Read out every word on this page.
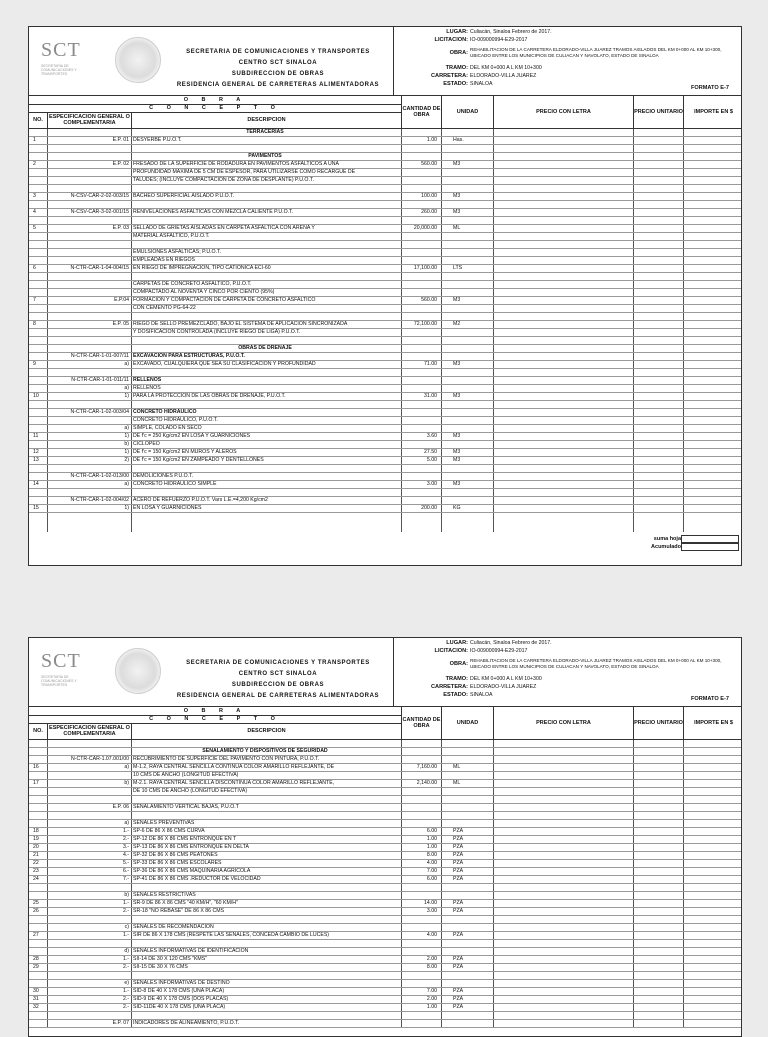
SCT
SECRETARÍA DE COMUNICACIONES Y TRANSPORTES
SECRETARIA DE COMUNICACIONES Y TRANSPORTES
CENTRO SCT SINALOA
SUBDIRECCION DE OBRAS
RESIDENCIA GENERAL DE CARRETERAS ALIMENTADORAS
LUGAR: Culiacán, Sinaloa Febrero de 2017.
LICITACION: IO-009000994-E29-2017
OBRA:
REHABILITACION DE LA CARRETERA ELDORADO-VILLA JUAREZ TRAMOS AISLADOS DEL KM 0+000 AL KM 10+300, UBICADO ENTRE LOS MUNICIPIOS DE CULIACAN Y NAVOLATO, ESTADO DE SINALOA
TRAMO: DEL KM 0+000 A L KM 10+300
CARRETERA: ELDORADO-VILLA JUAREZ
ESTADO: SINALOA
FORMATO E-7
O B R A
C O N C E P T O
NO.	ESPECIFICACION GENERAL O COMPLEMENTARIA	DESCRIPCION
CANTIDAD DE OBRA	UNIDAD	PRECIO CON LETRA	PRECIO UNITARIO	IMPORTE EN $
TERRACERIAS
1	E.P. 01 DESYERBE P.U.O.T.	1.00	Has.
PAVIMENTOS
2	E.P. 02 FRESADO DE LA SUPERFICIE DE RODADURA EN PAVIMENTOS ASFALTICOS A UNA	560.00	M3
PROFUNDIDAD MAXIMA DE 5 CM DE ESPESOR, PARA UTILIZARSE COMO RECARGUE DE
TALUDES; (INCLUYE COMPACTACION DE ZONA DE DESPLANTE) P.U.O.T.
3	N-CSV-CAR-2-02-003/15 BACHEO SUPERFICIAL AISLADO P.U.O.T.	100.00	M3
4	N-CSV-CAR-3-02-001/15 RENIVELACIONES ASFALTICAS CON MEZCLA CALIENTE P.U.O.T.	260.00	M3
5	E.P. 03 SELLADO DE GRIETAS AISLADAS EN CARPETA ASFALTICA CON ARENA Y	20,000.00	ML
MATERIAL ASFALTICO, P.U.O.T.
EMULSIONES ASFALTICAS; P.U.O.T.
EMPLEADAS EN RIEGOS
6	N-CTR-CAR-1-04-004/15 EN RIEGO DE IMPREGNACION, TIPO CATIONICA ECI-60	17,100.00	LTS
CARPETAS DE CONCRETO ASFALTICO, P.U.O.T.
COMPACTADO AL NOVENTA Y CINCO POR CIENTO (95%)
7	E.P.04 FORMACION Y COMPACTACION DE CARPETA DE CONCRETO ASFALTICO	560.00	M3
CON CEMENTO PG-64-22
8	E.P. 05 RIEGO DE SELLO PREMEZCLADO, BAJO EL SISTEMA DE APLICACIÓN SINCRONIZADA	72,100.00	M2
Y DOSIFICACION CONTROLADA (INCLUYE RIEGO DE LIGA) P.U.O.T.
OBRAS DE DRENAJE
N-CTR-CAR-1-01-007/11 EXCAVACION PARA ESTRUCTURAS, P.U.O.T.
9	a) EXCAVADO, CUALQUIERA QUE SEA SU CLASIFICACION Y PROFUNDIDAD	71.00	M3
N-CTR-CAR-1-01-011/11 RELLENOS
a) RELLENOS
10	1) PARA LA PROTECCION DE LAS OBRAS DE DRENAJE, P.U.O.T.	31.00	M3
N-CTR-CAR-1-02-003/04 CONCRETO HIDRAULICO
CONCRETO HIDRAULICO, P.U.O.T.
a) SIMPLE, COLADO EN SECO
11	1) DE f'c = 250 Kg/cm2 EN LOSA Y GUARNICIONES	3.60	M3
b) CICLOPEO
12	1) DE f'c = 150 Kg/cm2 EN MUROS Y ALEROS	27.50	M3
13	2) DE f'c = 150 Kg/cm2 EN ZAMPEADO Y DENTELLONES	5.00	M3
N-CTR-CAR-1-02-013/00 DEMOLICIONES P.U.O.T.
14	a) CONCRETO HIDRAULICO SIMPLE	3.00	M3
N-CTR-CAR-1-02-004/02 ACERO DE REFUERZO P.U.O.T. Vars L.E.=4,200 Kg/cm2
15	1) EN LOSA Y GUARNICIONES	200.00	KG
suma hoja
Acumulado
SCT
SECRETARÍA DE COMUNICACIONES Y TRANSPORTES
SECRETARIA DE COMUNICACIONES Y TRANSPORTES
CENTRO SCT SINALOA
SUBDIRECCION DE OBRAS
RESIDENCIA GENERAL DE CARRETERAS ALIMENTADORAS
LUGAR: Culiacán, Sinaloa Febrero de 2017.
LICITACION: IO-009000994-E29-2017
OBRA:
REHABILITACION DE LA CARRETERA ELDORADO-VILLA JUAREZ TRAMOS AISLADOS DEL KM 0+000 AL KM 10+300, UBICADO ENTRE LOS MUNICIPIOS DE CULIACAN Y NAVOLATO, ESTADO DE SINALOA
TRAMO: DEL KM 0+000 A L KM 10+300
CARRETERA: ELDORADO-VILLA JUAREZ
ESTADO: SINALOA
FORMATO E-7
O B R A
C O N C E P T O
NO.	ESPECIFICACION GENERAL O COMPLEMENTARIA	DESCRIPCION
CANTIDAD DE OBRA	UNIDAD	PRECIO CON LETRA	PRECIO UNITARIO	IMPORTE EN $
SEÑALAMIENTO Y DISPOSITIVOS DE SEGURIDAD
N-CTR-CAR-1.07.001/00 RECUBRIMIENTO DE SUPERFICIE DEL PAVIMENTO CON PINTURA, P.U.O.T.
16	a) M-1.2, RAYA CENTRAL SENCILLA CONTINUA COLOR AMARILLO REFLEJANTE, DE	7,160.00	ML
10 CMS DE ANCHO (LONGITUD EFECTIVA)
17	b) M-2.1. RAYA CENTRAL SENCILLA DISCONTINUA COLOR AMARILLO REFLEJANTE,	2,140.00	ML
DE 10 CMS DE ANCHO (LONGITUD EFECTIVA)
E.P. 06 SEÑALAMIENTO VERTICAL BAJAS, P.U.O.T
a) SEÑALES PREVENTIVAS
18	1.- SP-6 DE 86 X 86 CMS CURVA	6.00	PZA
19	2.- SP-12 DE 86 X 86 CMS ENTRONQUE EN T	1.00	PZA
20	3.- SP-13 DE 86 X 86 CMS ENTRONQUE EN DELTA	1.00	PZA
21	4.- SP-32 DE 86 X 86 CMS PEATONES	8.00	PZA
22	5.- SP-33 DE 86 X 86 CMS ESCOLARES	4.00	PZA
23	6.- SP-36 DE 86 X 86 CMS MAQUINARIA AGRICOLA	7.00	PZA
24	7.- SP-41 DE 86 X 86 CMS .REDUCTOR DE VELOCIDAD	6.00	PZA
b) SEÑALES RESTRICTIVAS
25	1.- SR-9 DE 86 X 86 CMS "40 KM/H", "60 KM/H"	14.00	PZA
26	2.- SR-18 "NO REBASE" DE 86 X 86 CMS	3.00	PZA
c) SEÑALES DE RECOMENDACIÓN
27	1.- SIR DE 86 X 178 CMS (RESPETE LAS SEÑALES, CONCEDA CAMBIO DE LUCES)	4.00	PZA
d) SEÑALES INFORMATIVAS DE IDENTIFICACION
28	1.- SII-14 DE 30 X 120 CMS "KMS"	2.00	PZA
29	2.- SII-15 DE 30 X 76 CMS	8.00	PZA
e) SEÑALES INFORMATIVAS DE DESTINO
30	1.- SID-8 DE 40 X 178 CMS (UNA PLACA)	7.00	PZA
31	2.- SID-9 DE 40 X 178 CMS (DOS PLACAS)	2.00	PZA
32	2.- SID-11DE 40 X 178 CMS (UNA PLACA)	1.00	PZA
E.P. 07 INDICADORES DE ALINEAMIENTO, P.U.O.T.
